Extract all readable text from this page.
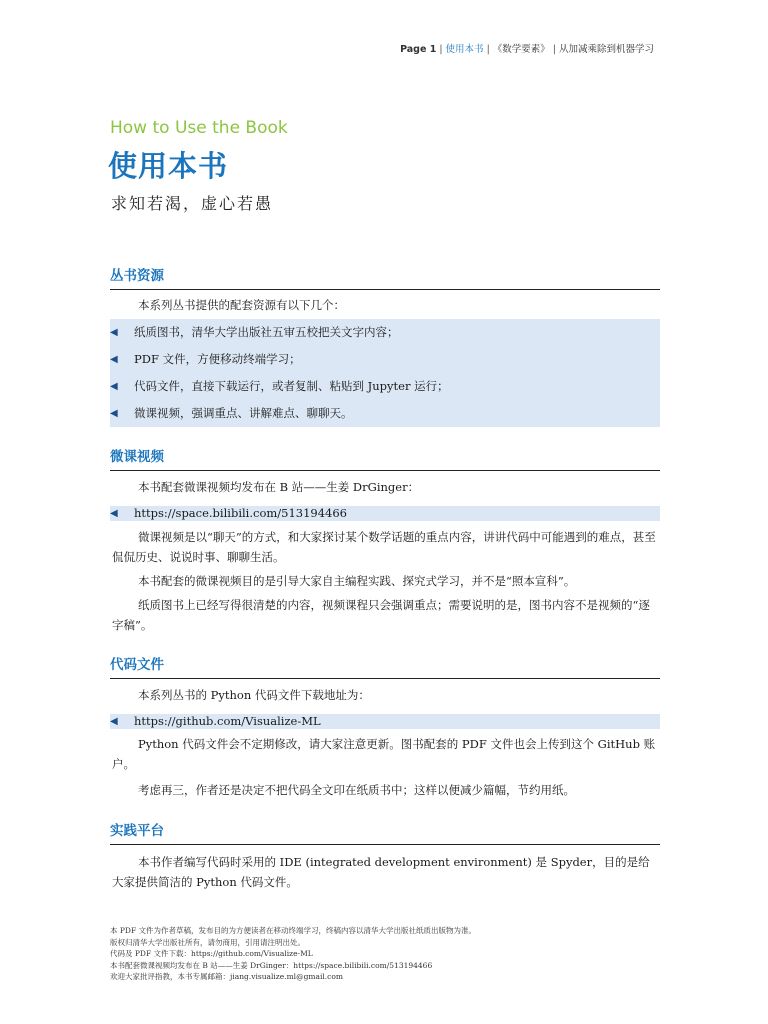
Page 1 | 使用本书 | 《数学要素》 | 从加减乘除到机器学习
How to Use the Book
使用本书
求知若渴，虚心若愚
丛书资源

本系列丛书提供的配套资源有以下几个：

◀ 纸质图书，清华大学出版社五审五校把关文字内容；
◀ PDF 文件，方便移动终端学习；
◀ 代码文件，直接下载运行，或者复制、粘贴到 Jupyter 运行；
◀ 微课视频，强调重点、讲解难点、聊聊天。
微课视频

本书配套微课视频均发布在 B 站——生姜 DrGinger：

◀ https://space.bilibili.com/513194466

微课视频是以“聊天”的方式，和大家探讨某个数学话题的重点内容，讲讲代码中可能遇到的难点，甚至侃侃历史、说说时事、聊聊生活。

本书配套的微课视频目的是引导大家自主编程实践、探究式学习，并不是“照本宣科”。

纸质图书上已经写得很清楚的内容，视频课程只会强调重点；需要说明的是，图书内容不是视频的“逐字稿”。

代码文件

本系列丛书的 Python 代码文件下载地址为：

◀ https://github.com/Visualize-ML

Python 代码文件会不定期修改，请大家注意更新。图书配套的 PDF 文件也会上传到这个 GitHub 账户。

考虑再三，作者还是决定不把代码全文印在纸质书中；这样以便减少篇幅，节约用纸。

实践平台

本书作者编写代码时采用的 IDE (integrated development environment) 是 Spyder，目的是给大家提供简洁的 Python 代码文件。

本 PDF 文件为作者草稿，发布目的为方便读者在移动终端学习，终稿内容以清华大学出版社纸质出版物为准。
版权归清华大学出版社所有，请勿商用，引用请注明出处。
代码及 PDF 文件下载：https://github.com/Visualize-ML
本书配套微课视频均发布在 B 站——生姜 DrGinger：https://space.bilibili.com/513194466
欢迎大家批评指教，本书专属邮箱：jiang.visualize.ml@gmail.com
